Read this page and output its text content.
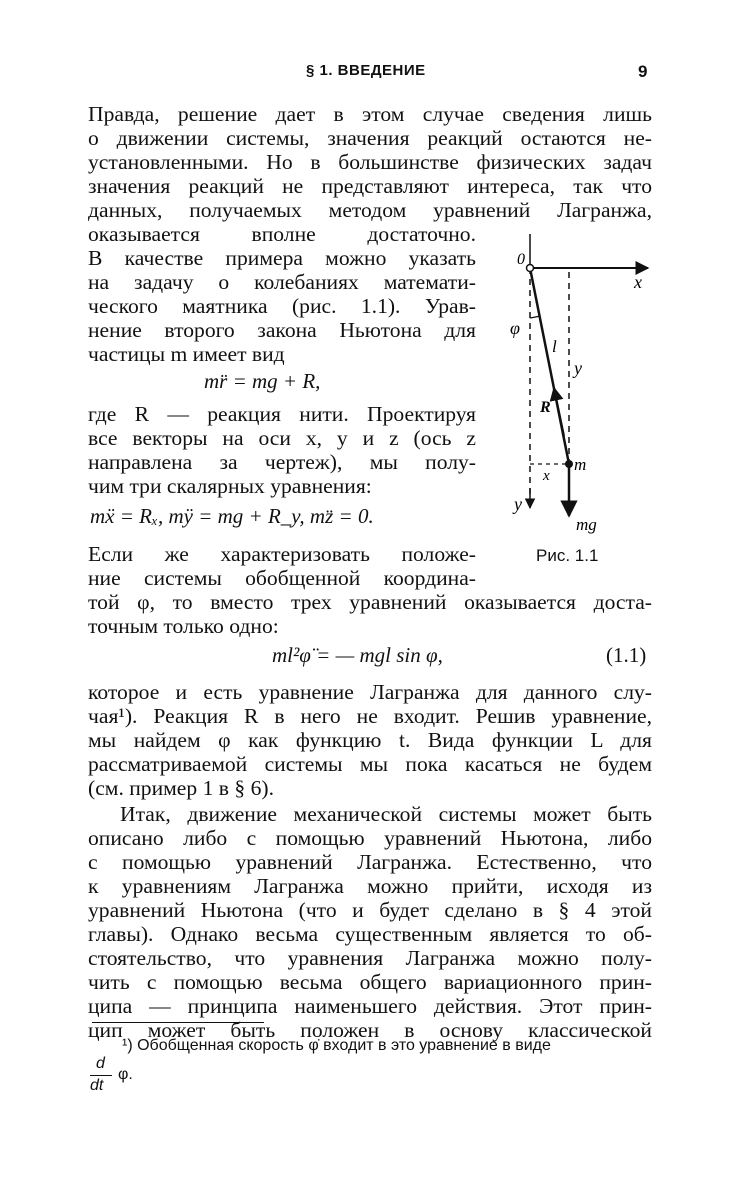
§ 1. ВВЕДЕНИЕ	9
Правда, решение дает в этом случае сведения лишь
о движении системы, значения реакций остаются не-
установленными. Но в большинстве физических задач
значения реакций не представляют интереса, так что
данных, получаемых методом уравнений Лагранжа,
оказывается вполне достаточно.
В качестве примера можно указать
на задачу о колебаниях математи-
ческого маятника (рис. 1.1). Урав-
нение второго закона Ньютона для
частицы m имеет вид
mr̈ = mg + R,
где R — реакция нити. Проектируя
все векторы на оси x, y и z (ось z
направлена за чертеж), мы полу-
чим три скалярных уравнения:
mẍ = Rₓ, mÿ = mg + R_y, mz̈ = 0.
Если же характеризовать положе-
ние системы обобщенной координа-
той φ, то вместо трех уравнений оказывается доста-
точным только одно:
ml²φ̈ = — mgl sin φ,	(1.1)
которое и есть уравнение Лагранжа для данного слу-
чая¹). Реакция R в него не входит. Решив уравнение,
мы найдем φ как функцию t. Вида функции L для
рассматриваемой системы мы пока касаться не будем
(см. пример 1 в § 6).
Итак, движение механической системы может быть
описано либо с помощью уравнений Ньютона, либо
с помощью уравнений Лагранжа. Естественно, что
к уравнениям Лагранжа можно прийти, исходя из
уравнений Ньютона (что и будет сделано в § 4 этой
главы). Однако весьма существенным является то об-
стоятельство, что уравнения Лагранжа можно полу-
чить с помощью весьма общего вариационного прин-
ципа — принципа наименьшего действия. Этот прин-
цип может быть положен в основу классической
0
x
φ
l
y
R
m
x
y
mg
Рис. 1.1
¹) Обобщенная скорость φ̇ входит в это уравнение в виде
d
dt
φ.
